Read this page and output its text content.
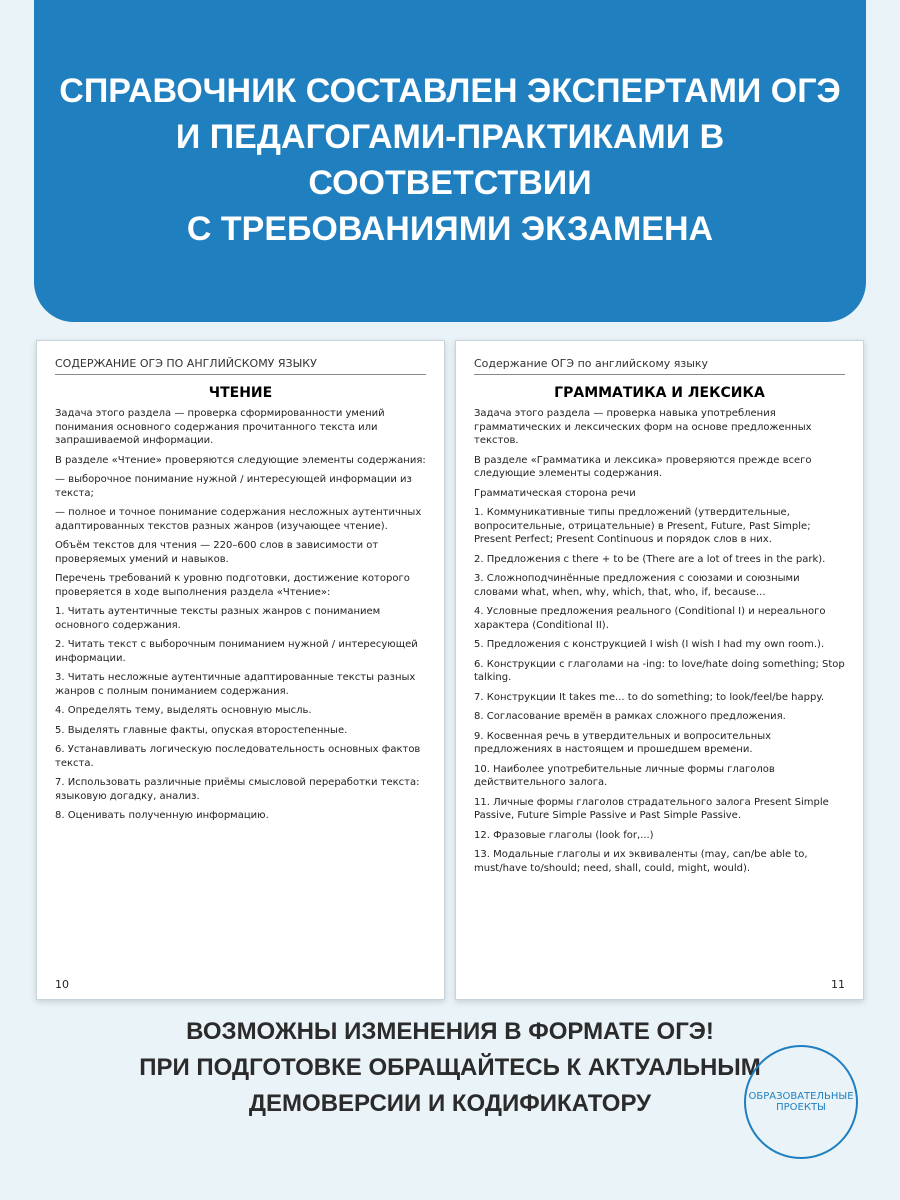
СПРАВОЧНИК СОСТАВЛЕН ЭКСПЕРТАМИ ОГЭ
И ПЕДАГОГАМИ-ПРАКТИКАМИ В СООТВЕТСТВИИ
С ТРЕБОВАНИЯМИ ЭКЗАМЕНА
СОДЕРЖАНИЕ ОГЭ ПО АНГЛИЙСКОМУ ЯЗЫКУ
ЧТЕНИЕ

Задача этого раздела — проверка сформированности умений понимания основного содержания прочитанного текста или запрашиваемой информации.

В разделе «Чтение» проверяются следующие элементы содержания:

— выборочное понимание нужной / интересующей информации из текста;

— полное и точное понимание содержания несложных аутентичных адаптированных текстов разных жанров (изучающее чтение).

Объём текстов для чтения — 220–600 слов в зависимости от проверяемых умений и навыков.

Перечень требований к уровню подготовки, достижение которого проверяется в ходе выполнения раздела «Чтение»:

1. Читать аутентичные тексты разных жанров с пониманием основного содержания.

2. Читать текст с выборочным пониманием нужной / интересующей информации.

3. Читать несложные аутентичные адаптированные тексты разных жанров с полным пониманием содержания.

4. Определять тему, выделять основную мысль.

5. Выделять главные факты, опуская второстепенные.

6. Устанавливать логическую последовательность основных фактов текста.

7. Использовать различные приёмы смысловой переработки текста: языковую догадку, анализ.

8. Оценивать полученную информацию.

10
Содержание ОГЭ по английскому языку
ГРАММАТИКА И ЛЕКСИКА

Задача этого раздела — проверка навыка употребления грамматических и лексических форм на основе предложенных текстов.

В разделе «Грамматика и лексика» проверяются прежде всего следующие элементы содержания.

Грамматическая сторона речи

1. Коммуникативные типы предложений (утвердительные, вопросительные, отрицательные) в Present, Future, Past Simple; Present Perfect; Present Continuous и порядок слов в них.

2. Предложения с there + to be (There are a lot of trees in the park).

3. Сложноподчинённые предложения с союзами и союзными словами what, when, why, which, that, who, if, because...

4. Условные предложения реального (Conditional I) и нереального характера (Conditional II).

5. Предложения с конструкцией I wish (I wish I had my own room.).

6. Конструкции с глаголами на -ing: to love/hate doing something; Stop talking.

7. Конструкции It takes me... to do something; to look/feel/be happy.

8. Согласование времён в рамках сложного предложения.

9. Косвенная речь в утвердительных и вопросительных предложениях в настоящем и прошедшем времени.

10. Наиболее употребительные личные формы глаголов действительного залога.

11. Личные формы глаголов страдательного залога Present Simple Passive, Future Simple Passive и Past Simple Passive.

12. Фразовые глаголы (look for,...)

13. Модальные глаголы и их эквиваленты (may, can/be able to, must/have to/should; need, shall, could, might, would).

11

ВОЗМОЖНЫ ИЗМЕНЕНИЯ В ФОРМАТЕ ОГЭ!

ПРИ ПОДГОТОВКЕ ОБРАЩАЙТЕСЬ К АКТУАЛЬНЫМ

ДЕМОВЕРСИИ И КОДИФИКАТОРУ	ОБРАЗОВАТЕЛЬНЫЕ
ПРОЕКТЫ
